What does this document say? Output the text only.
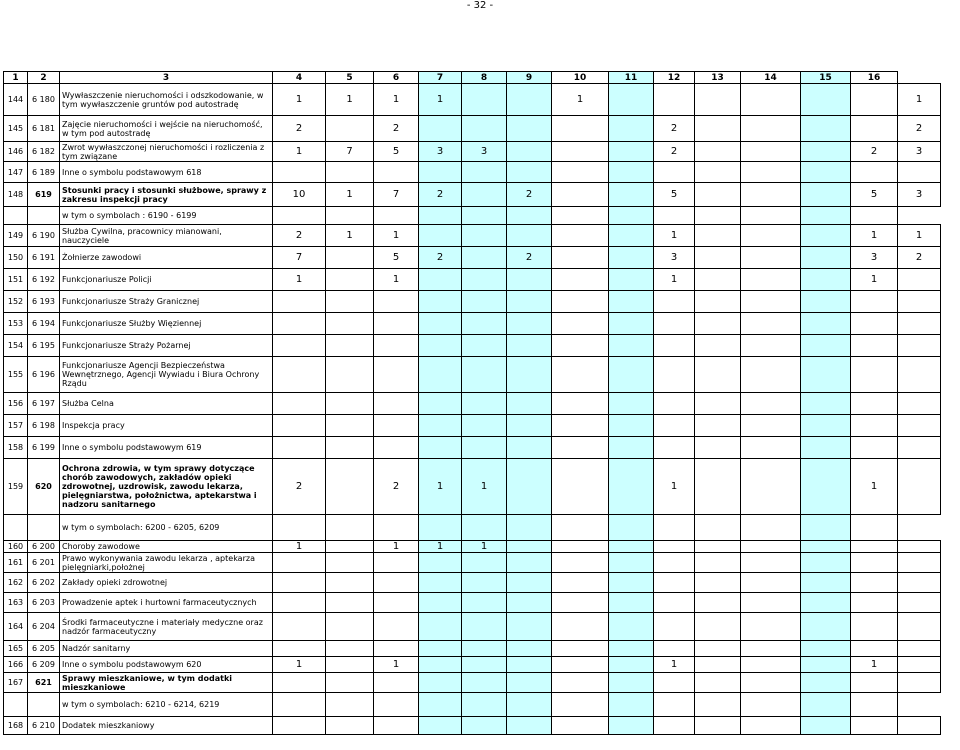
- 32 -
1	2	3	4	5	6	7	8	9	10	11	12	13	14	15	16	
144	6 180	Wywłaszczenie nieruchomości i odszkodowanie, w tym wywłaszczenie gruntów pod autostradę	1	1	1	1			1							1
145	6 181	Zajęcie nieruchomości i wejście na nieruchomość, w tym pod autostradę	2		2						2					2
146	6 182	Zwrot wywłaszczonej nieruchomości i rozliczenia z tym związane	1	7	5	3	3				2				2	3
147	6 189	Inne o symbolu podstawowym 618														
148	619	Stosunki pracy i stosunki służbowe, sprawy z zakresu inspekcji pracy	10	1	7	2		2			5				5	3
		w tym o symbolach : 6190 - 6199														
149	6 190	Służba Cywilna, pracownicy mianowani, nauczyciele	2	1	1						1				1	1
150	6 191	Żołnierze zawodowi	7		5	2		2			3				3	2
151	6 192	Funkcjonariusze Policji	1		1						1				1	
152	6 193	Funkcjonariusze Straży Granicznej														
153	6 194	Funkcjonariusze Służby Więziennej														
154	6 195	Funkcjonariusze Straży Pożarnej														
155	6 196	Funkcjonariusze Agencji Bezpieczeństwa Wewnętrznego, Agencji Wywiadu i Biura Ochrony Rządu														
156	6 197	Służba Celna														
157	6 198	Inspekcja pracy														
158	6 199	Inne o symbolu podstawowym 619														
159	620	Ochrona zdrowia, w tym sprawy dotyczące chorób zawodowych, zakładów opieki zdrowotnej, uzdrowisk, zawodu lekarza, pielęgniarstwa, położnictwa, aptekarstwa i nadzoru sanitarnego	2		2	1	1				1				1	
		w tym o symbolach: 6200 - 6205, 6209														
160	6 200	Choroby zawodowe	1		1	1	1									
161	6 201	Prawo wykonywania zawodu lekarza , aptekarza pielęgniarki,położnej														
162	6 202	Zakłady opieki zdrowotnej														
163	6 203	Prowadzenie aptek i hurtowni farmaceutycznych														
164	6 204	Środki farmaceutyczne i materiały medyczne oraz nadzór farmaceutyczny														
165	6 205	Nadzór sanitarny														
166	6 209	Inne o symbolu podstawowym 620	1		1						1				1	
167	621	Sprawy mieszkaniowe, w tym dodatki mieszkaniowe														
		w tym o symbolach: 6210 - 6214, 6219														
168	6 210	Dodatek mieszkaniowy														
